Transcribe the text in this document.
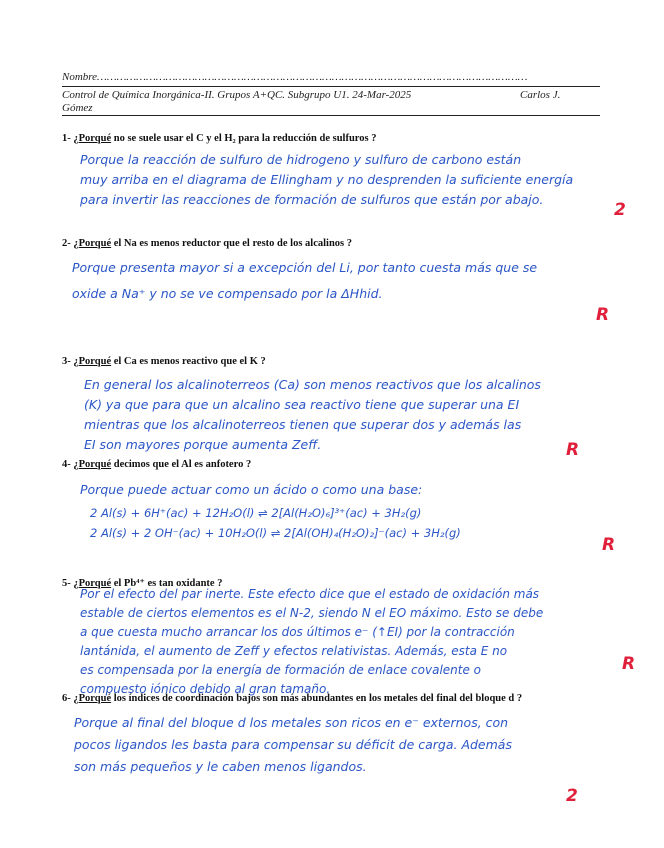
Nombre……………………………………………………………………………………………………………………
Control de Química Inorgánica-II. Grupos A+QC. Subgrupo U1. 24-Mar-2025	Carlos J.
Gómez
1- ¿Porqué no se suele usar el C y el H₂ para la reducción de sulfuros ?
Porque la reacción de sulfuro de hidrogeno y sulfuro de carbono están
muy arriba en el diagrama de Ellingham y no desprenden la suficiente energía
para invertir las reacciones de formación de sulfuros que están por abajo.
2
2- ¿Porqué el Na es menos reductor que el resto de los alcalinos ?
Porque presenta mayor si a excepción del Li, por tanto cuesta más que se
oxide a Na⁺ y no se ve compensado por la ΔHhid.
R
3- ¿Porqué el Ca es menos reactivo que el K ?
En general los alcalinoterreos (Ca) son menos reactivos que los alcalinos
(K) ya que para que un alcalino sea reactivo tiene que superar una EI
mientras que los alcalinoterreos tienen que superar dos y además las
EI son mayores porque aumenta Zeff.	R
4- ¿Porqué decimos que el Al es anfotero ?
Porque puede actuar como un ácido o como una base:
2 Al(s) + 6H⁺(ac) + 12H₂O(l) ⇌ 2[Al(H₂O)₆]³⁺(ac) + 3H₂(g)
2 Al(s) + 2 OH⁻(ac) + 10H₂O(l) ⇌ 2[Al(OH)₄(H₂O)₂]⁻(ac) + 3H₂(g)
R
5- ¿Porqué el Pb⁴⁺ es tan oxidante ?
Por el efecto del par inerte. Este efecto dice que el estado de oxidación más
estable de ciertos elementos es el N-2, siendo N el EO máximo. Esto se debe
a que cuesta mucho arrancar los dos últimos e⁻ (↑EI) por la contracción
lantánida, el aumento de Zeff y efectos relativistas. Además, esta E no
es compensada por la energía de formación de enlace covalente o
compuesto iónico debido al gran tamaño.
R
6- ¿Porqué los índices de coordinación bajos son más abundantes en los metales del final del bloque d ?
Porque al final del bloque d los metales son ricos en e⁻ externos, con
pocos ligandos les basta para compensar su déficit de carga. Además
son más pequeños y le caben menos ligandos.
2
